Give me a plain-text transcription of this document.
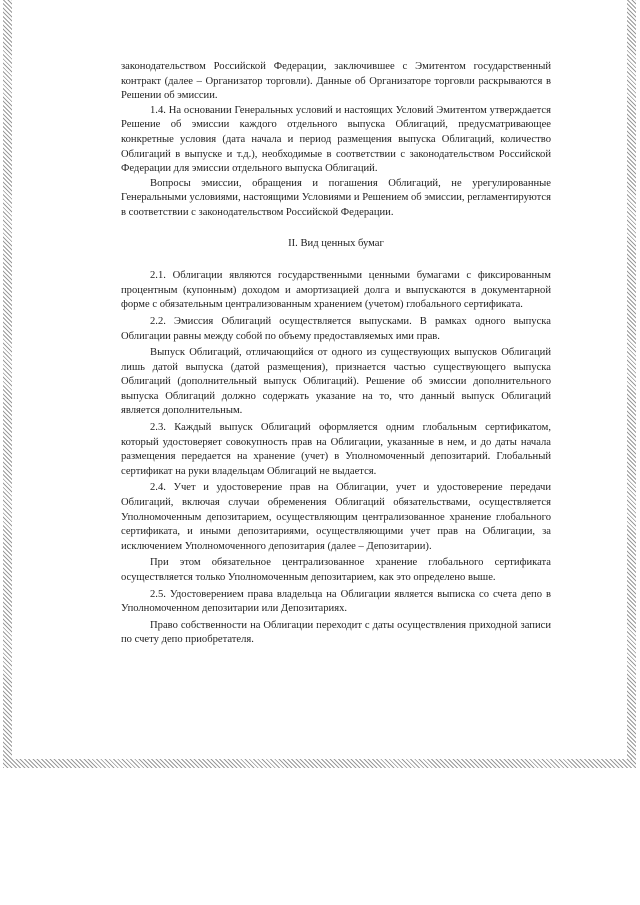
законодательством Российской Федерации, заключившее с Эмитентом государственный контракт (далее – Организатор торговли). Данные об Организаторе торговли раскрываются в Решении об эмиссии.

1.4. На основании Генеральных условий и настоящих Условий Эмитентом утверждается Решение об эмиссии каждого отдельного выпуска Облигаций, предусматривающее конкретные условия (дата начала и период размещения выпуска Облигаций, количество Облигаций в выпуске и т.д.), необходимые в соответствии с законодательством Российской Федерации для эмиссии отдельного выпуска Облигаций.

Вопросы эмиссии, обращения и погашения Облигаций, не урегулированные Генеральными условиями, настоящими Условиями и Решением об эмиссии, регламентируются в соответствии с законодательством Российской Федерации.

II. Вид ценных бумаг

2.1. Облигации являются государственными ценными бумагами с фиксированным процентным (купонным) доходом и амортизацией долга и выпускаются в документарной форме с обязательным централизованным хранением (учетом) глобального сертификата.

2.2. Эмиссия Облигаций осуществляется выпусками. В рамках одного выпуска Облигации равны между собой по объему предоставляемых ими прав.

Выпуск Облигаций, отличающийся от одного из существующих выпусков Облигаций лишь датой выпуска (датой размещения), признается частью существующего выпуска Облигаций (дополнительный выпуск Облигаций). Решение об эмиссии дополнительного выпуска Облигаций должно содержать указание на то, что данный выпуск Облигаций является дополнительным.

2.3. Каждый выпуск Облигаций оформляется одним глобальным сертификатом, который удостоверяет совокупность прав на Облигации, указанные в нем, и до даты начала размещения передается на хранение (учет) в Уполномоченный депозитарий. Глобальный сертификат на руки владельцам Облигаций не выдается.

2.4. Учет и удостоверение прав на Облигации, учет и удостоверение передачи Облигаций, включая случаи обременения Облигаций обязательствами, осуществляется Уполномоченным депозитарием, осуществляющим централизованное хранение глобального сертификата, и иными депозитариями, осуществляющими учет прав на Облигации, за исключением Уполномоченного депозитария (далее – Депозитарии).

При этом обязательное централизованное хранение глобального сертификата осуществляется только Уполномоченным депозитарием, как это определено выше.

2.5. Удостоверением права владельца на Облигации является выписка со счета депо в Уполномоченном депозитарии или Депозитариях.

Право собственности на Облигации переходит с даты осуществления приходной записи по счету депо приобретателя.
